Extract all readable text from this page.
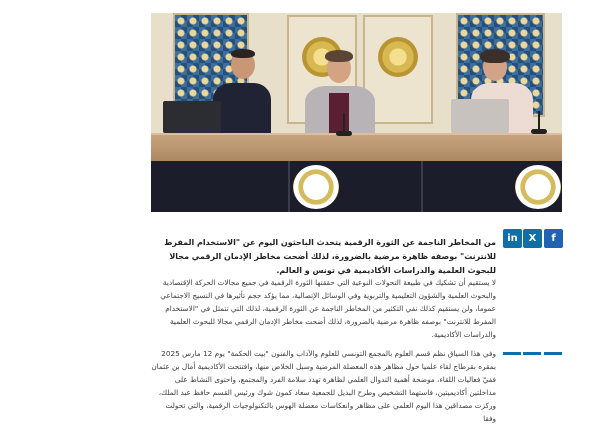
in X f

من المخاطر الناجمة عن الثورة الرقمية يتحدث الباحثون اليوم عن "الاستخدام المفرط للانترنت" بوصفه ظاهرة مرضية بالضرورة، لذلك أضحت مخاطر الإدمان الرقمي مجالا للبحوث العلمية والدراسات الأكاديمية في تونس و العالم.

لا يستقيم أن تشكيك في طبيعة التحولات النوعية التي حققتها الثورة الرقمية في جميع مجالات الحركة الإقتصادية والبحوث العلمية والشؤون التعليمية والتربوية وفي الوسائل الإتصالية، مما يؤكد حجم تأثيرها في النسيج الاجتماعي عموما، ولن يستقيم كذلك نفي التكثير من المخاطر الناجمة عن الثورة الرقمية، لذلك التي تتمثل في "الاستخدام المفرط للانترنت" بوصفه ظاهرة مرضية بالضرورة، لذلك أضحت مخاطر الإدمان الرقمي مجالا للبحوث العلمية والدراسات الأكاديمية.

وفي هذا السياق نظم قسم العلوم بالمجمع التونسي للعلوم والآداب والفنون "بيت الحكمة" يوم 12 مارس 2025 بمقره بقرطاج لقاء علميا حول مظاهر هذه المعضلة المرضية وسبل الخلاص منها، وافتتحت الأكاديمية أمال بن عثمان ففيّ فعاليات اللقاء، موضحة أهمية التدوال العلمي لظاهرة تهدد سلامة الفرد والمجتمع، واحتوى النشاط على مداخلتين أكاديميتين، فاستهما التشخيص وطرح البديل للجمعية سعاد كمون شوك ورئيس القسم حافظ عبد الملك، وركزت مصداقين هذا اليوم العلمي على مظاهر وانعكاسات معضلة الهوس بالتكنولوجيات الرقمية، والتي تحولت وفقا
